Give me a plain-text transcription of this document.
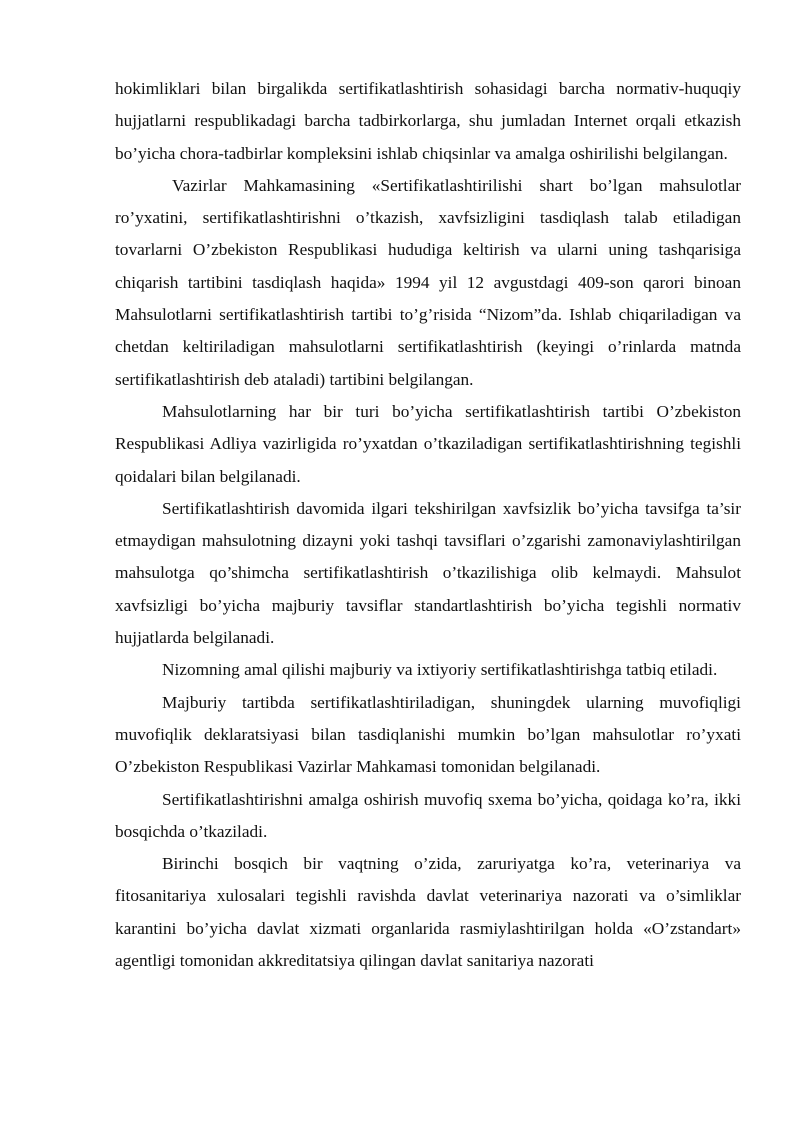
hokimliklari bilan birgalikda sertifikatlashtirish sohasidagi barcha normativ-huquqiy hujjatlarni respublikadagi barcha tadbirkorlarga, shu jumladan Internet orqali etkazish bo’yicha chora-tadbirlar kompleksini ishlab chiqsinlar va amalga oshirilishi belgilangan.

Vazirlar Mahkamasining «Sertifikatlashtirilishi shart bo’lgan mahsulotlar ro’yxatini, sertifikatlashtirishni o’tkazish, xavfsizligini tasdiqlash talab etiladigan tovarlarni O’zbekiston Respublikasi hududiga keltirish va ularni uning tashqarisiga chiqarish tartibini tasdiqlash haqida» 1994 yil 12 avgustdagi 409-son qarori binoan Mahsulotlarni sertifikatlashtirish tartibi to’g’risida “Nizom”da. Ishlab chiqariladigan va chetdan keltiriladigan mahsulotlarni sertifikatlashtirish (keyingi o’rinlarda matnda sertifikatlashtirish deb ataladi) tartibini belgilangan.

Mahsulotlarning har bir turi bo’yicha sertifikatlashtirish tartibi O’zbekiston Respublikasi Adliya vazirligida ro’yxatdan o’tkaziladigan sertifikatlashtirishning tegishli qoidalari bilan belgilanadi.

Sertifikatlashtirish davomida ilgari tekshirilgan xavfsizlik bo’yicha tavsifga ta’sir etmaydigan mahsulotning dizayni yoki tashqi tavsiflari o’zgarishi zamonaviylashtirilgan mahsulotga qo’shimcha sertifikatlashtirish o’tkazilishiga olib kelmaydi. Mahsulot xavfsizligi bo’yicha majburiy tavsiflar standartlashtirish bo’yicha tegishli normativ hujjatlarda belgilanadi.

Nizomning amal qilishi majburiy va ixtiyoriy sertifikatlashtirishga tatbiq etiladi.

Majburiy tartibda sertifikatlashtiriladigan, shuningdek ularning muvofiqligi muvofiqlik deklaratsiyasi bilan tasdiqlanishi mumkin bo’lgan mahsulotlar ro’yxati O’zbekiston Respublikasi Vazirlar Mahkamasi tomonidan belgilanadi.

Sertifikatlashtirishni amalga oshirish muvofiq sxema bo’yicha, qoidaga ko’ra, ikki bosqichda o’tkaziladi.

Birinchi bosqich bir vaqtning o’zida, zaruriyatga ko’ra, veterinariya va fitosanitariya xulosalari tegishli ravishda davlat veterinariya nazorati va o’simliklar karantini bo’yicha davlat xizmati organlarida rasmiylashtirilgan holda «O’zstandart» agentligi tomonidan akkreditatsiya qilingan davlat sanitariya nazorati
